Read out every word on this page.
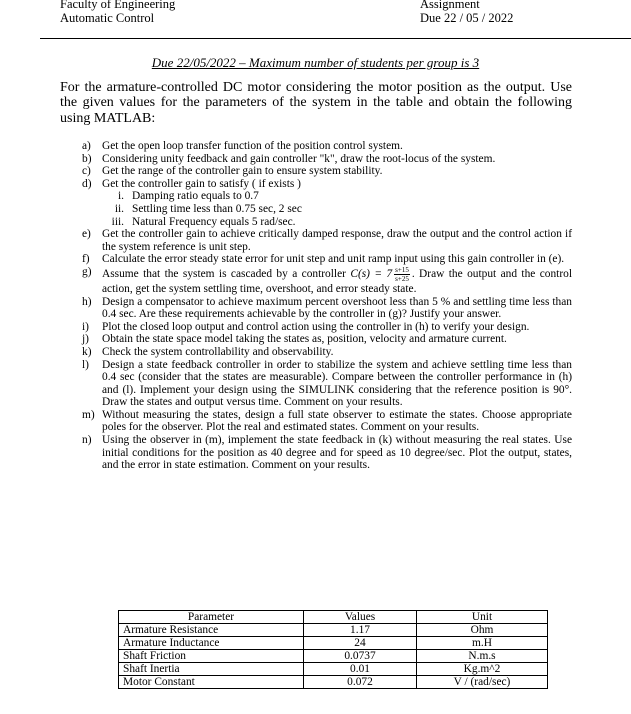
Faculty of Engineering
Automatic Control
Assignment
Due 22 / 05 / 2022
Due 22/05/2022 – Maximum number of students per group is 3
For the armature-controlled DC motor considering the motor position as the output. Use the given values for the parameters of the system in the table and obtain the following using MATLAB:
a) Get the open loop transfer function of the position control system.
b) Considering unity feedback and gain controller "k", draw the root-locus of the system.
c) Get the range of the controller gain to ensure system stability.
d) Get the controller gain to satisfy ( if exists )
i. Damping ratio equals to 0.7
ii. Settling time less than 0.75 sec, 2 sec
iii. Natural Frequency equals 5 rad/sec.
e) Get the controller gain to achieve critically damped response, draw the output and the control action if the system reference is unit step.
f) Calculate the error steady state error for unit step and unit ramp input using this gain controller in (e).
g) Assume that the system is cascaded by a controller $C(s) = 7 \frac{s+15}{s+25}$ . Draw the output and the control action, get the system settling time, overshoot, and error steady state.
h) Design a compensator to achieve maximum percent overshoot less than 5 % and settling time less than 0.4 sec. Are these requirements achievable by the controller in (g)? Justify your answer.
i) Plot the closed loop output and control action using the controller in (h) to verify your design.
j) Obtain the state space model taking the states as, position, velocity and armature current.
k) Check the system controllability and observability.
l) Design a state feedback controller in order to stabilize the system and achieve settling time less than 0.4 sec (consider that the states are measurable). Compare between the controller performance in (h) and (l). Implement your design using the SIMULINK considering that the reference position is 90°. Draw the states and output versus time. Comment on your results.
m) Without measuring the states, design a full state observer to estimate the states. Choose appropriate poles for the observer. Plot the real and estimated states. Comment on your results.
n) Using the observer in (m), implement the state feedback in (k) without measuring the real states. Use initial conditions for the position as 40 degree and for speed as 10 degree/sec. Plot the output, states, and the error in state estimation. Comment on your results.
Parameter	Values	Unit
Armature Resistance	1.17	Ohm
Armature Inductance	24	m.H
Shaft Friction	0.0737	N.m.s
Shaft Inertia	0.01	Kg.m^2
Motor Constant	0.072	V / (rad/sec)
